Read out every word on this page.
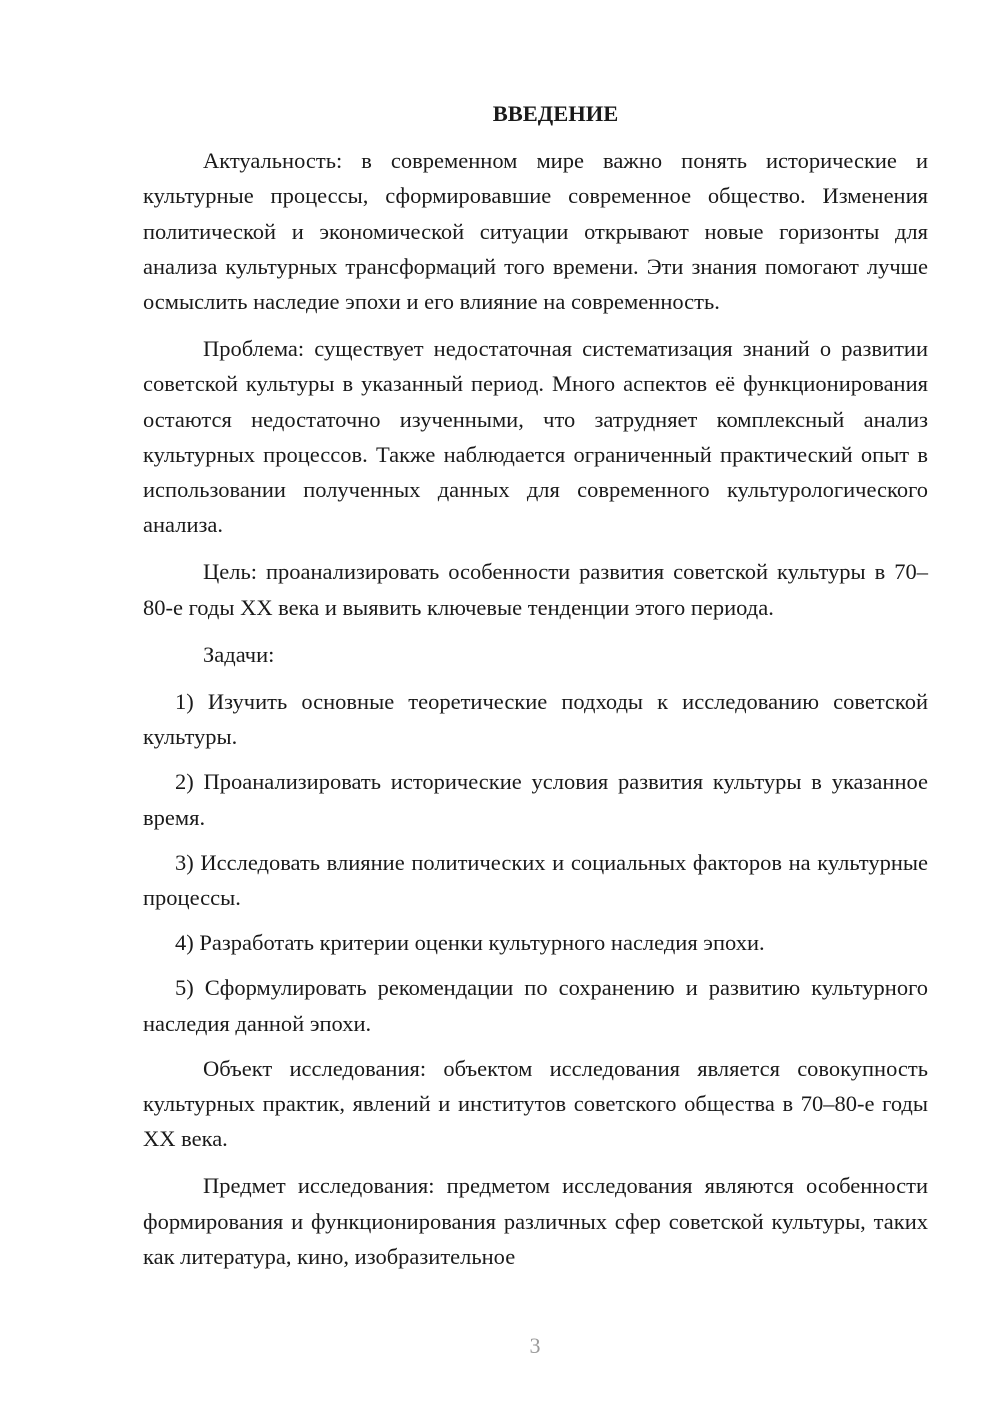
ВВЕДЕНИЕ

Актуальность: в современном мире важно понять исторические и культурные процессы, сформировавшие современное общество. Изменения политической и экономической ситуации открывают новые горизонты для анализа культурных трансформаций того времени. Эти знания помогают лучше осмыслить наследие эпохи и его влияние на современность.

Проблема: существует недостаточная систематизация знаний о развитии советской культуры в указанный период. Много аспектов её функционирования остаются недостаточно изученными, что затрудняет комплексный анализ культурных процессов. Также наблюдается ограниченный практический опыт в использовании полученных данных для современного культурологического анализа.

Цель: проанализировать особенности развития советской культуры в 70–80-е годы XX века и выявить ключевые тенденции этого периода.

Задачи:

1) Изучить основные теоретические подходы к исследованию советской культуры.

2) Проанализировать исторические условия развития культуры в указанное время.

3) Исследовать влияние политических и социальных факторов на культурные процессы.

4) Разработать критерии оценки культурного наследия эпохи.

5) Сформулировать рекомендации по сохранению и развитию культурного наследия данной эпохи.

Объект исследования: объектом исследования является совокупность культурных практик, явлений и институтов советского общества в 70–80-е годы XX века.

Предмет исследования: предметом исследования являются особенности формирования и функционирования различных сфер советской культуры, таких как литература, кино, изобразительное

3
